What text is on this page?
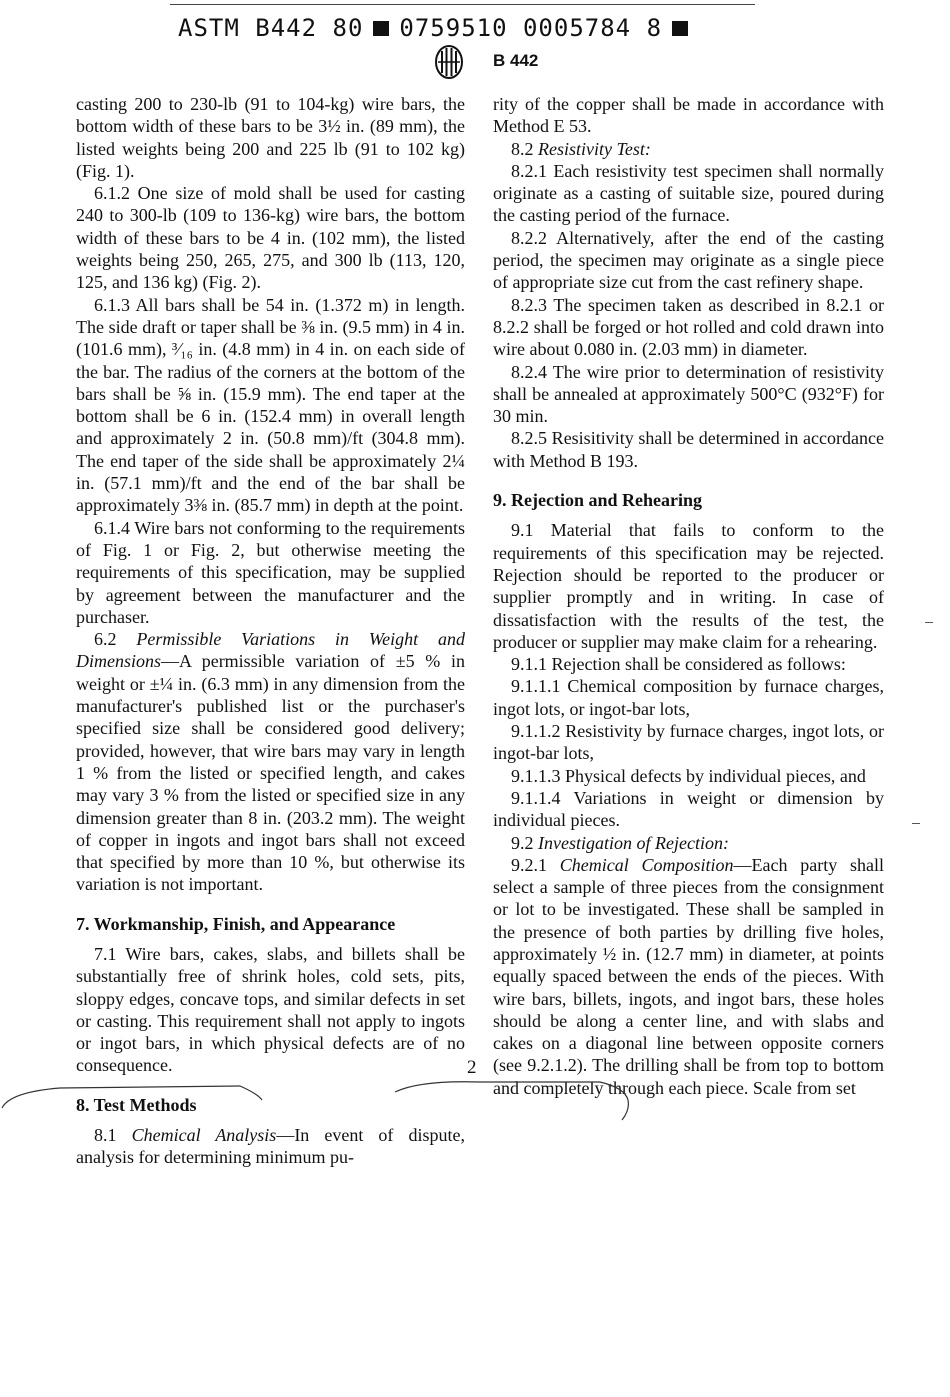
ASTM B442 80 0759510 0005784 8
B 442

casting 200 to 230-lb (91 to 104-kg) wire bars, the bottom width of these bars to be 3½ in. (89 mm), the listed weights being 200 and 225 lb (91 to 102 kg) (Fig. 1).

6.1.2 One size of mold shall be used for casting 240 to 300-lb (109 to 136-kg) wire bars, the bottom width of these bars to be 4 in. (102 mm), the listed weights being 250, 265, 275, and 300 lb (113, 120, 125, and 136 kg) (Fig. 2).

6.1.3 All bars shall be 54 in. (1.372 m) in length. The side draft or taper shall be ⅜ in. (9.5 mm) in 4 in. (101.6 mm), ³⁄₁₆ in. (4.8 mm) in 4 in. on each side of the bar. The radius of the corners at the bottom of the bars shall be ⅝ in. (15.9 mm). The end taper at the bottom shall be 6 in. (152.4 mm) in overall length and approximately 2 in. (50.8 mm)/ft (304.8 mm). The end taper of the side shall be approximately 2¼ in. (57.1 mm)/ft and the end of the bar shall be approximately 3⅜ in. (85.7 mm) in depth at the point.

6.1.4 Wire bars not conforming to the requirements of Fig. 1 or Fig. 2, but otherwise meeting the requirements of this specification, may be supplied by agreement between the manufacturer and the purchaser.

6.2 Permissible Variations in Weight and Dimensions—A permissible variation of ±5 % in weight or ±¼ in. (6.3 mm) in any dimension from the manufacturer's published list or the purchaser's specified size shall be considered good delivery; provided, however, that wire bars may vary in length 1 % from the listed or specified length, and cakes may vary 3 % from the listed or specified size in any dimension greater than 8 in. (203.2 mm). The weight of copper in ingots and ingot bars shall not exceed that specified by more than 10 %, but otherwise its variation is not important.

7. Workmanship, Finish, and Appearance

7.1 Wire bars, cakes, slabs, and billets shall be substantially free of shrink holes, cold sets, pits, sloppy edges, concave tops, and similar defects in set or casting. This requirement shall not apply to ingots or ingot bars, in which physical defects are of no consequence.

8. Test Methods

8.1 Chemical Analysis—In event of dispute, analysis for determining minimum pu-

rity of the copper shall be made in accordance with Method E 53.

8.2 Resistivity Test:

8.2.1 Each resistivity test specimen shall normally originate as a casting of suitable size, poured during the casting period of the furnace.

8.2.2 Alternatively, after the end of the casting period, the specimen may originate as a single piece of appropriate size cut from the cast refinery shape.

8.2.3 The specimen taken as described in 8.2.1 or 8.2.2 shall be forged or hot rolled and cold drawn into wire about 0.080 in. (2.03 mm) in diameter.

8.2.4 The wire prior to determination of resistivity shall be annealed at approximately 500°C (932°F) for 30 min.

8.2.5 Resisitivity shall be determined in accordance with Method B 193.

9. Rejection and Rehearing

9.1 Material that fails to conform to the requirements of this specification may be rejected. Rejection should be reported to the producer or supplier promptly and in writing. In case of dissatisfaction with the results of the test, the producer or supplier may make claim for a rehearing.

9.1.1 Rejection shall be considered as follows:

9.1.1.1 Chemical composition by furnace charges, ingot lots, or ingot-bar lots,

9.1.1.2 Resistivity by furnace charges, ingot lots, or ingot-bar lots,

9.1.1.3 Physical defects by individual pieces, and

9.1.1.4 Variations in weight or dimension by individual pieces.

9.2 Investigation of Rejection:

9.2.1 Chemical Composition—Each party shall select a sample of three pieces from the consignment or lot to be investigated. These shall be sampled in the presence of both parties by drilling five holes, approximately ½ in. (12.7 mm) in diameter, at points equally spaced between the ends of the pieces. With wire bars, billets, ingots, and ingot bars, these holes should be along a center line, and with slabs and cakes on a diagonal line between opposite corners (see 9.2.1.2). The drilling shall be from top to bottom and completely through each piece. Scale from set

2
